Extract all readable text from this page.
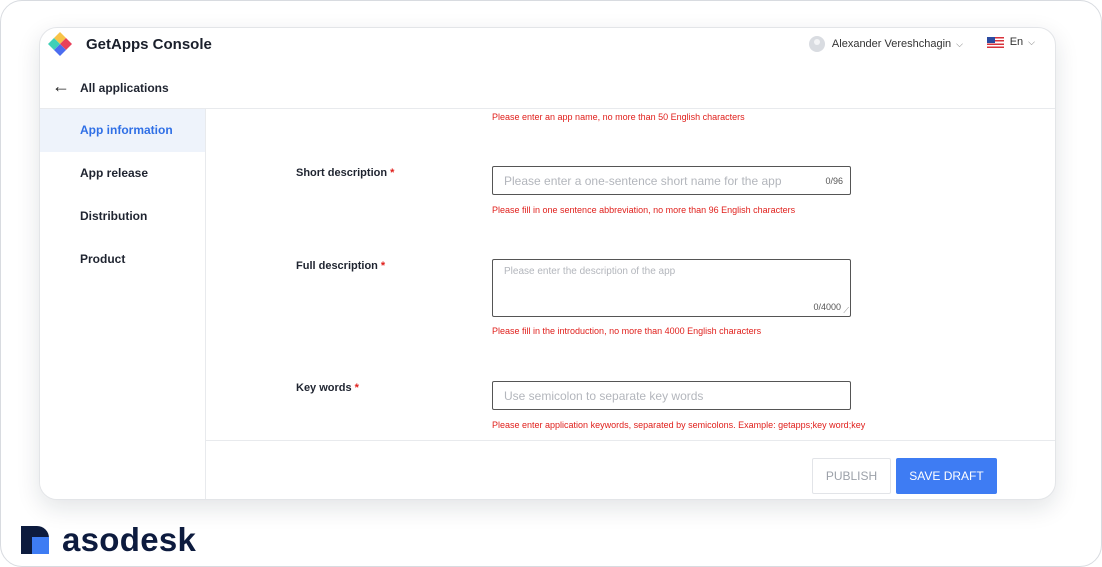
GetApps Console	Alexander Vereshchagin ⌵	En ⌵
← All applications
App information
App release
Distribution
Product
Please enter an app name, no more than 50 English characters
Short description *
Please enter a one-sentence short name for the app	0/96
Please fill in one sentence abbreviation, no more than 96 English characters
Full description *	Please enter the description of the app
0/4000 ⟋
Please fill in the introduction, no more than 4000 English characters
Key words *
Use semicolon to separate key words
Please enter application keywords, separated by semicolons. Example: getapps;key word;key
PUBLISH	SAVE DRAFT
asodesk
